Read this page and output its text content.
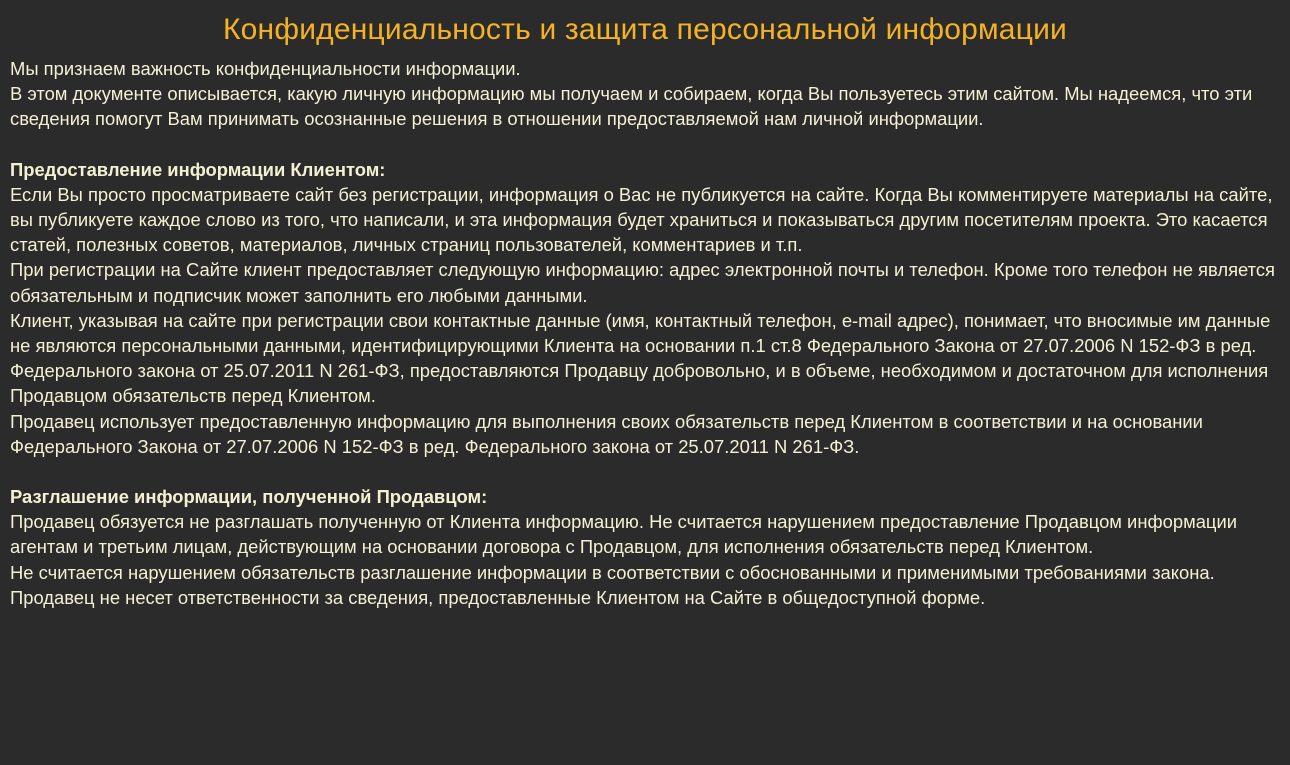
Конфиденциальность и защита персональной информации

Мы признаем важность конфиденциальности информации.

В этом документе описывается, какую личную информацию мы получаем и собираем, когда Вы пользуетесь этим сайтом. Мы надеемся, что эти сведения помогут Вам принимать осознанные решения в отношении предоставляемой нам личной информации.

Предоставление информации Клиентом:

Если Вы просто просматриваете сайт без регистрации, информация о Вас не публикуется на сайте. Когда Вы комментируете материалы на сайте, вы публикуете каждое слово из того, что написали, и эта информация будет храниться и показываться другим посетителям проекта. Это касается статей, полезных советов, материалов, личных страниц пользователей, комментариев и т.п.

При регистрации на Сайте клиент предоставляет следующую информацию: адрес электронной почты и телефон. Кроме того телефон не является обязательным и подписчик может заполнить его любыми данными.

Клиент, указывая на сайте при регистрации свои контактные данные (имя, контактный телефон, e-mail адрес), понимает, что вносимые им данные не являются персональными данными, идентифицирующими Клиента на основании п.1 ст.8 Федерального Закона от 27.07.2006 N 152-ФЗ в ред. Федерального закона от 25.07.2011 N 261-ФЗ, предоставляются Продавцу добровольно, и в объеме, необходимом и достаточном для исполнения Продавцом обязательств перед Клиентом.

Продавец использует предоставленную информацию для выполнения своих обязательств перед Клиентом в соответствии и на основании Федерального Закона от 27.07.2006 N 152-ФЗ в ред. Федерального закона от 25.07.2011 N 261-ФЗ.

Разглашение информации, полученной Продавцом:

Продавец обязуется не разглашать полученную от Клиента информацию. Не считается нарушением предоставление Продавцом информации агентам и третьим лицам, действующим на основании договора с Продавцом, для исполнения обязательств перед Клиентом.

Не считается нарушением обязательств разглашение информации в соответствии с обоснованными и применимыми требованиями закона.

Продавец не несет ответственности за сведения, предоставленные Клиентом на Сайте в общедоступной форме.
